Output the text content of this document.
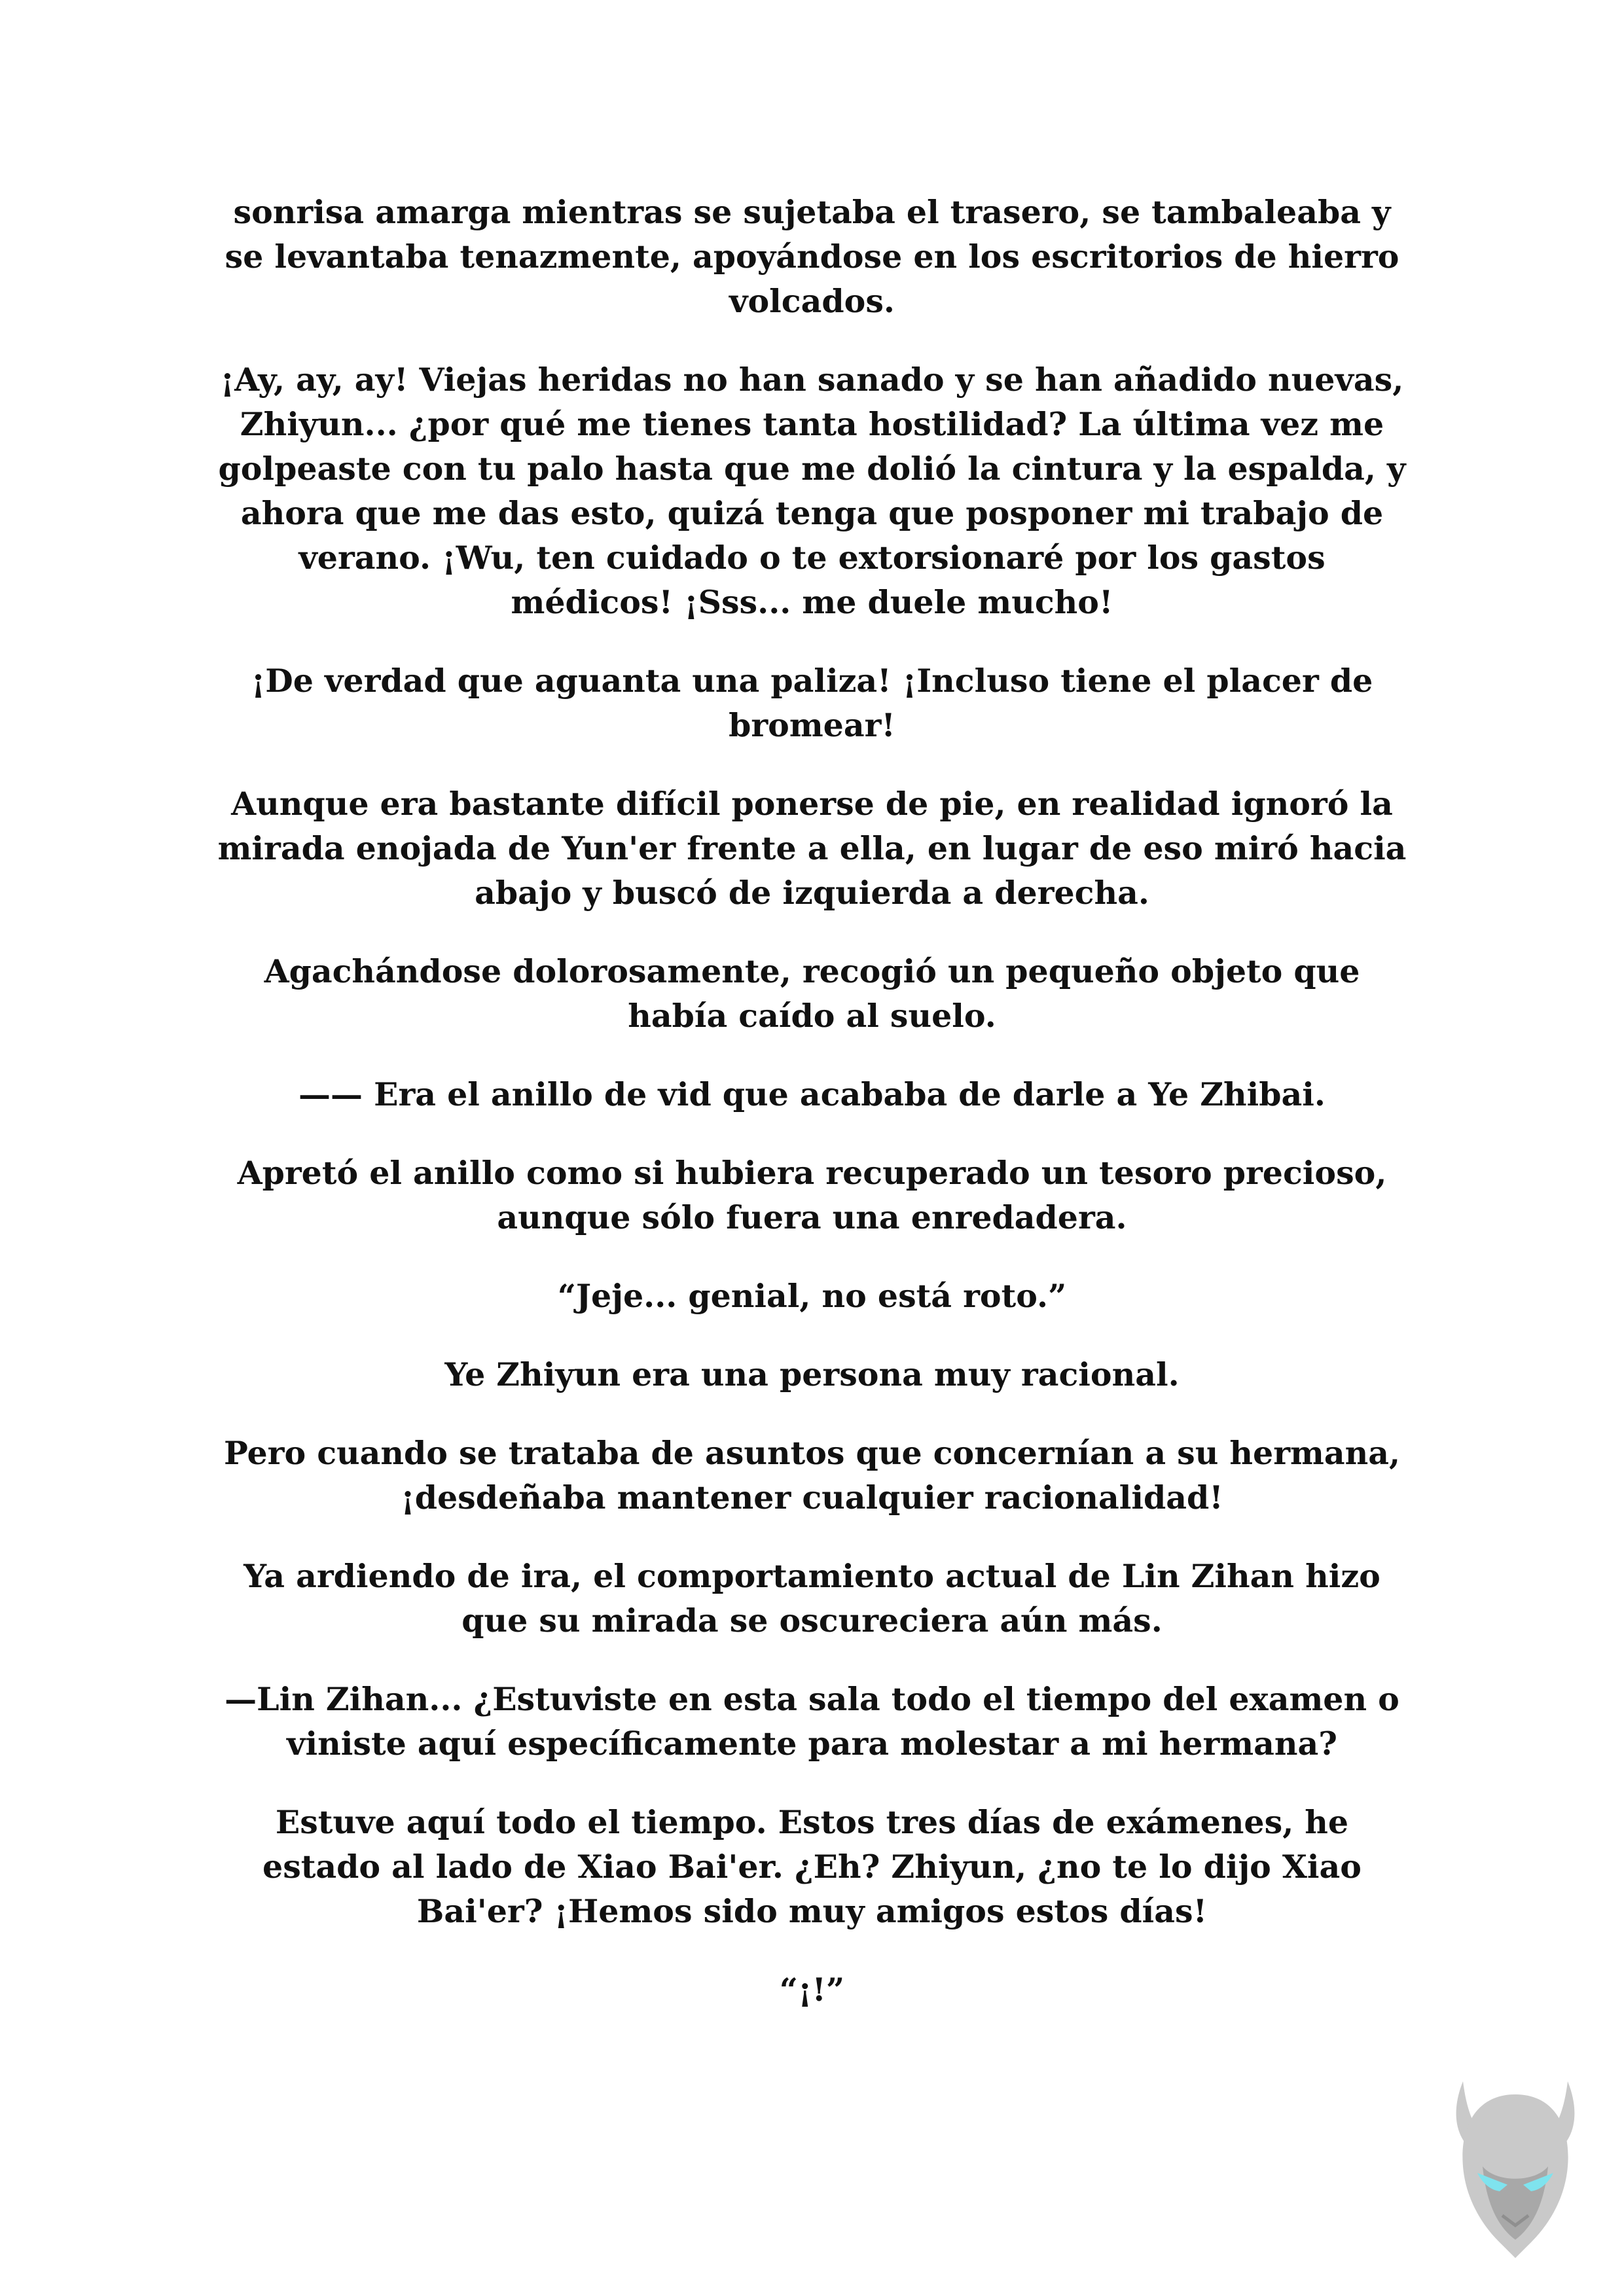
sonrisa amarga mientras se sujetaba el trasero, se tambaleaba y se levantaba tenazmente, apoyándose en los escritorios de hierro volcados.

¡Ay, ay, ay! Viejas heridas no han sanado y se han añadido nuevas, Zhiyun... ¿por qué me tienes tanta hostilidad? La última vez me golpeaste con tu palo hasta que me dolió la cintura y la espalda, y ahora que me das esto, quizá tenga que posponer mi trabajo de verano. ¡Wu, ten cuidado o te extorsionaré por los gastos médicos! ¡Sss... me duele mucho!

¡De verdad que aguanta una paliza! ¡Incluso tiene el placer de bromear!

Aunque era bastante difícil ponerse de pie, en realidad ignoró la mirada enojada de Yun'er frente a ella, en lugar de eso miró hacia abajo y buscó de izquierda a derecha.

Agachándose dolorosamente, recogió un pequeño objeto que había caído al suelo.

—— Era el anillo de vid que acababa de darle a Ye Zhibai.

Apretó el anillo como si hubiera recuperado un tesoro precioso, aunque sólo fuera una enredadera.

“Jeje... genial, no está roto.”

Ye Zhiyun era una persona muy racional.

Pero cuando se trataba de asuntos que concernían a su hermana, ¡desdeñaba mantener cualquier racionalidad!

Ya ardiendo de ira, el comportamiento actual de Lin Zihan hizo que su mirada se oscureciera aún más.

—Lin Zihan... ¿Estuviste en esta sala todo el tiempo del examen o viniste aquí específicamente para molestar a mi hermana?

Estuve aquí todo el tiempo. Estos tres días de exámenes, he estado al lado de Xiao Bai'er. ¿Eh? Zhiyun, ¿no te lo dijo Xiao Bai'er? ¡Hemos sido muy amigos estos días!

“¡!”
